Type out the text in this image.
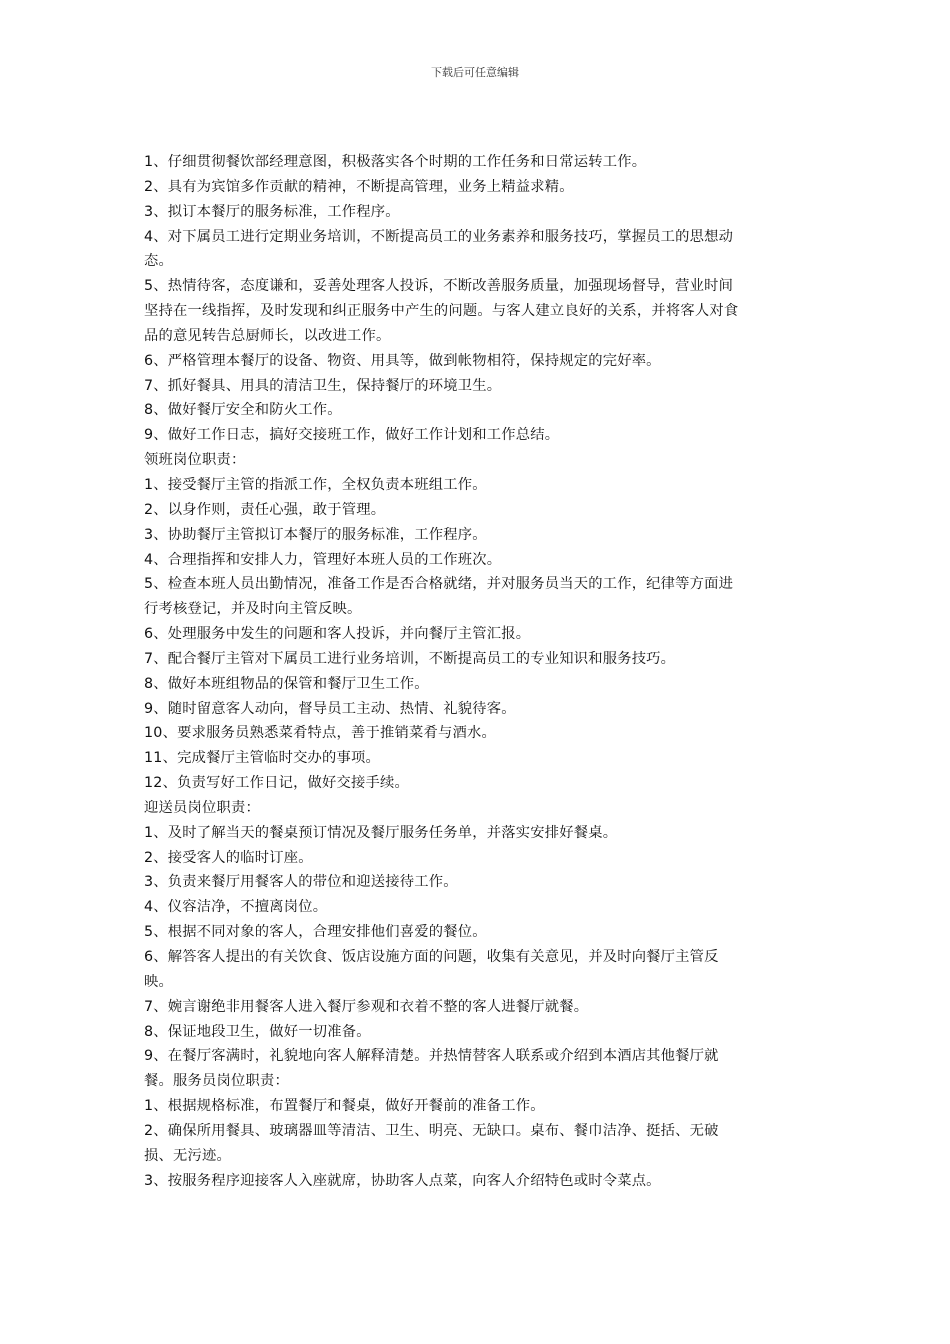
下载后可任意编辑
1、仔细贯彻餐饮部经理意图，积极落实各个时期的工作任务和日常运转工作。
2、具有为宾馆多作贡献的精神，不断提高管理，业务上精益求精。
3、拟订本餐厅的服务标准，工作程序。
4、对下属员工进行定期业务培训，不断提高员工的业务素养和服务技巧，掌握员工的思想动
态。
5、热情待客，态度谦和，妥善处理客人投诉，不断改善服务质量，加强现场督导，营业时间
坚持在一线指挥，及时发现和纠正服务中产生的问题。与客人建立良好的关系，并将客人对食
品的意见转告总厨师长，以改进工作。
6、严格管理本餐厅的设备、物资、用具等，做到帐物相符，保持规定的完好率。
7、抓好餐具、用具的清洁卫生，保持餐厅的环境卫生。
8、做好餐厅安全和防火工作。
9、做好工作日志，搞好交接班工作，做好工作计划和工作总结。
领班岗位职责：
1、接受餐厅主管的指派工作，全权负责本班组工作。
2、以身作则，责任心强，敢于管理。
3、协助餐厅主管拟订本餐厅的服务标准，工作程序。
4、合理指挥和安排人力，管理好本班人员的工作班次。
5、检查本班人员出勤情况，准备工作是否合格就绪，并对服务员当天的工作，纪律等方面进
行考核登记，并及时向主管反映。
6、处理服务中发生的问题和客人投诉，并向餐厅主管汇报。
7、配合餐厅主管对下属员工进行业务培训，不断提高员工的专业知识和服务技巧。
8、做好本班组物品的保管和餐厅卫生工作。
9、随时留意客人动向，督导员工主动、热情、礼貌待客。
10、要求服务员熟悉菜肴特点，善于推销菜肴与酒水。
11、完成餐厅主管临时交办的事项。
12、负责写好工作日记，做好交接手续。
迎送员岗位职责：
1、及时了解当天的餐桌预订情况及餐厅服务任务单，并落实安排好餐桌。
2、接受客人的临时订座。
3、负责来餐厅用餐客人的带位和迎送接待工作。
4、仪容洁净，不擅离岗位。
5、根据不同对象的客人，合理安排他们喜爱的餐位。
6、解答客人提出的有关饮食、饭店设施方面的问题，收集有关意见，并及时向餐厅主管反
映。
7、婉言谢绝非用餐客人进入餐厅参观和衣着不整的客人进餐厅就餐。
8、保证地段卫生，做好一切准备。
9、在餐厅客满时，礼貌地向客人解释清楚。并热情替客人联系或介绍到本酒店其他餐厅就
餐。服务员岗位职责：
1、根据规格标准，布置餐厅和餐桌，做好开餐前的准备工作。
2、确保所用餐具、玻璃器皿等清洁、卫生、明亮、无缺口。桌布、餐巾洁净、挺括、无破
损、无污迹。
3、按服务程序迎接客人入座就席，协助客人点菜，向客人介绍特色或时令菜点。
